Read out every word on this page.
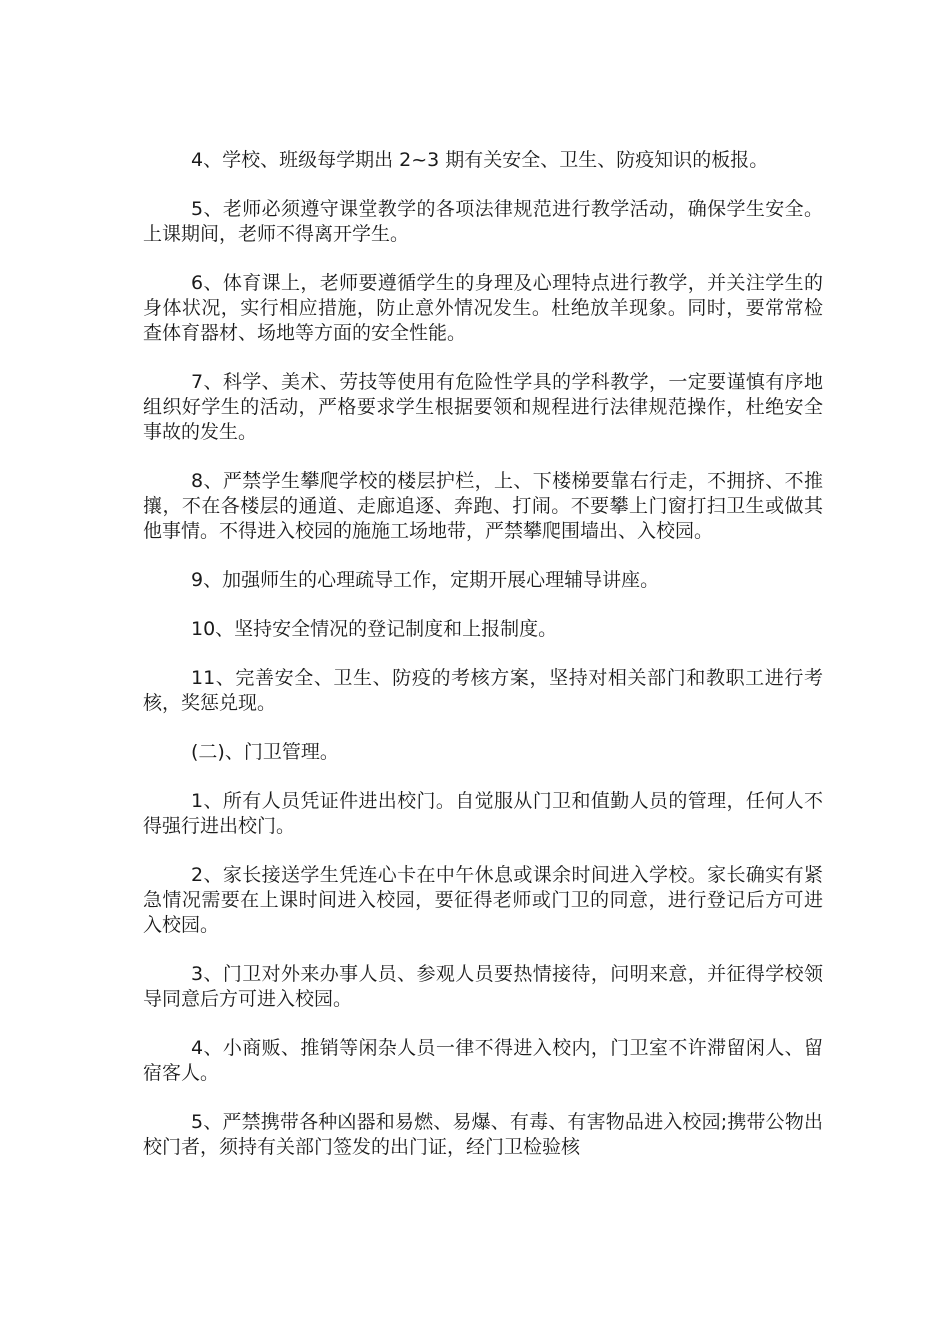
4、学校、班级每学期出 2~3 期有关安全、卫生、防疫知识的板报。

5、老师必须遵守课堂教学的各项法律规范进行教学活动，确保学生安全。上课期间，老师不得离开学生。

6、体育课上，老师要遵循学生的身理及心理特点进行教学，并关注学生的身体状况，实行相应措施，防止意外情况发生。杜绝放羊现象。同时，要常常检查体育器材、场地等方面的安全性能。

7、科学、美术、劳技等使用有危险性学具的学科教学，一定要谨慎有序地组织好学生的活动，严格要求学生根据要领和规程进行法律规范操作，杜绝安全事故的发生。

8、严禁学生攀爬学校的楼层护栏，上、下楼梯要靠右行走，不拥挤、不推攘，不在各楼层的通道、走廊追逐、奔跑、打闹。不要攀上门窗打扫卫生或做其他事情。不得进入校园的施施工场地带，严禁攀爬围墙出、入校园。

9、加强师生的心理疏导工作，定期开展心理辅导讲座。

10、坚持安全情况的登记制度和上报制度。

11、完善安全、卫生、防疫的考核方案，坚持对相关部门和教职工进行考核，奖惩兑现。

(二)、门卫管理。

1、所有人员凭证件进出校门。自觉服从门卫和值勤人员的管理，任何人不得强行进出校门。

2、家长接送学生凭连心卡在中午休息或课余时间进入学校。家长确实有紧急情况需要在上课时间进入校园，要征得老师或门卫的同意，进行登记后方可进入校园。

3、门卫对外来办事人员、参观人员要热情接待，问明来意，并征得学校领导同意后方可进入校园。

4、小商贩、推销等闲杂人员一律不得进入校内，门卫室不许滞留闲人、留宿客人。

5、严禁携带各种凶器和易燃、易爆、有毒、有害物品进入校园;携带公物出校门者，须持有关部门签发的出门证，经门卫检验核
